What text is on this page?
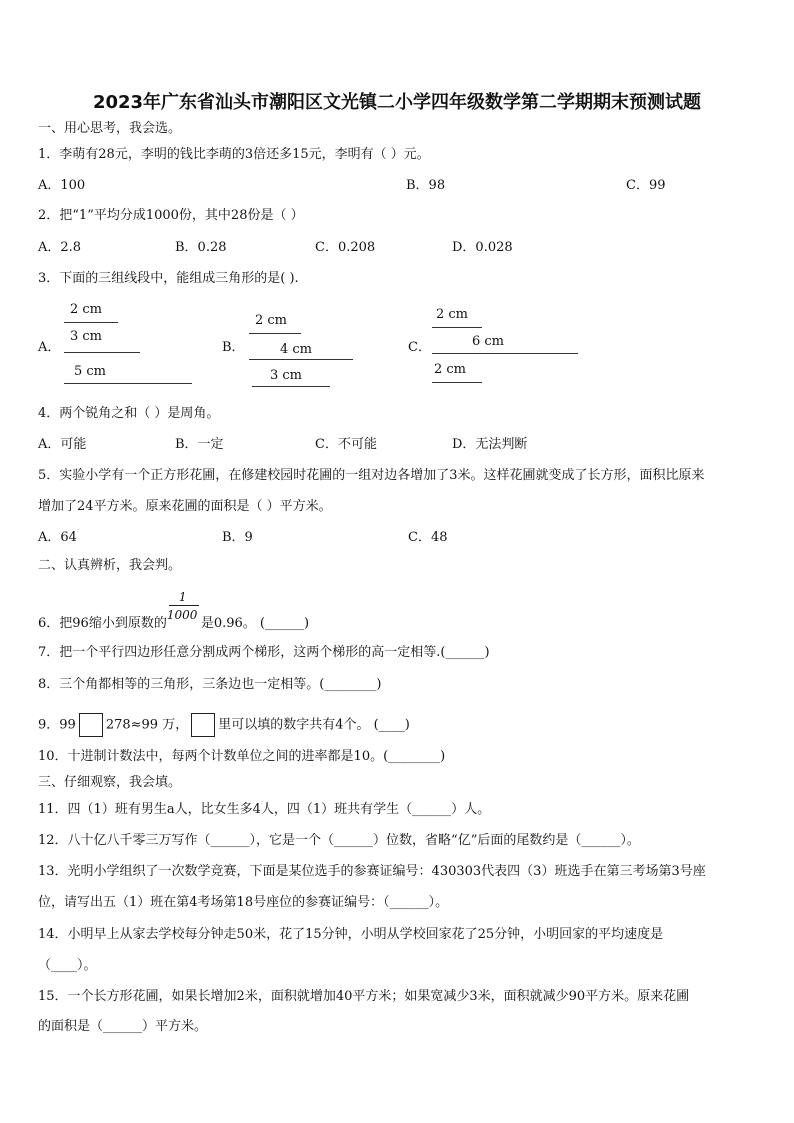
2023年广东省汕头市潮阳区文光镇二小学四年级数学第二学期期末预测试题
一、用心思考，我会选。
1．李萌有28元，李明的钱比李萌的3倍还多15元，李明有（ ）元。
A．100	B．98	C．99
2．把“1”平均分成1000份，其中28份是（ ）
A．2.8	B．0.28	C．0.208	D．0.028
3．下面的三组线段中，能组成三角形的是( ).
A．
2 cm
3 cm
5 cm
B．
2 cm
4 cm
3 cm
C．
2 cm
6 cm
2 cm
4．两个锐角之和（ ）是周角。
A．可能	B．一定	C．不可能	D．无法判断
5．实验小学有一个正方形花圃，在修建校园时花圃的一组对边各增加了3米。这样花圃就变成了长方形，面积比原来
增加了24平方米。原来花圃的面积是（ ）平方米。
A．64	B．9	C．48
二、认真辨析，我会判。
6．把96缩小到原数的 $\frac{1}{1000}$ 是0.96。 (______)
7．把一个平行四边形任意分割成两个梯形，这两个梯形的高一定相等.(______)
8．三个角都相等的三角形，三条边也一定相等。(________)
9．99 278≈99 万， 里可以填的数字共有4个。 (____)
10．十进制计数法中，每两个计数单位之间的进率都是10。(________)
三、仔细观察，我会填。
11．四（1）班有男生a人，比女生多4人，四（1）班共有学生（______）人。
12．八十亿八千零三万写作（______），它是一个（______）位数，省略“亿”后面的尾数约是（______）。
13．光明小学组织了一次数学竞赛，下面是某位选手的参赛证编号：430303代表四（3）班选手在第三考场第3号座
位，请写出五（1）班在第4考场第18号座位的参赛证编号：（______）。
14．小明早上从家去学校每分钟走50米，花了15分钟，小明从学校回家花了25分钟，小明回家的平均速度是
（____）。
15．一个长方形花圃，如果长增加2米，面积就增加40平方米；如果宽减少3米，面积就减少90平方米。原来花圃
的面积是（______）平方米。
